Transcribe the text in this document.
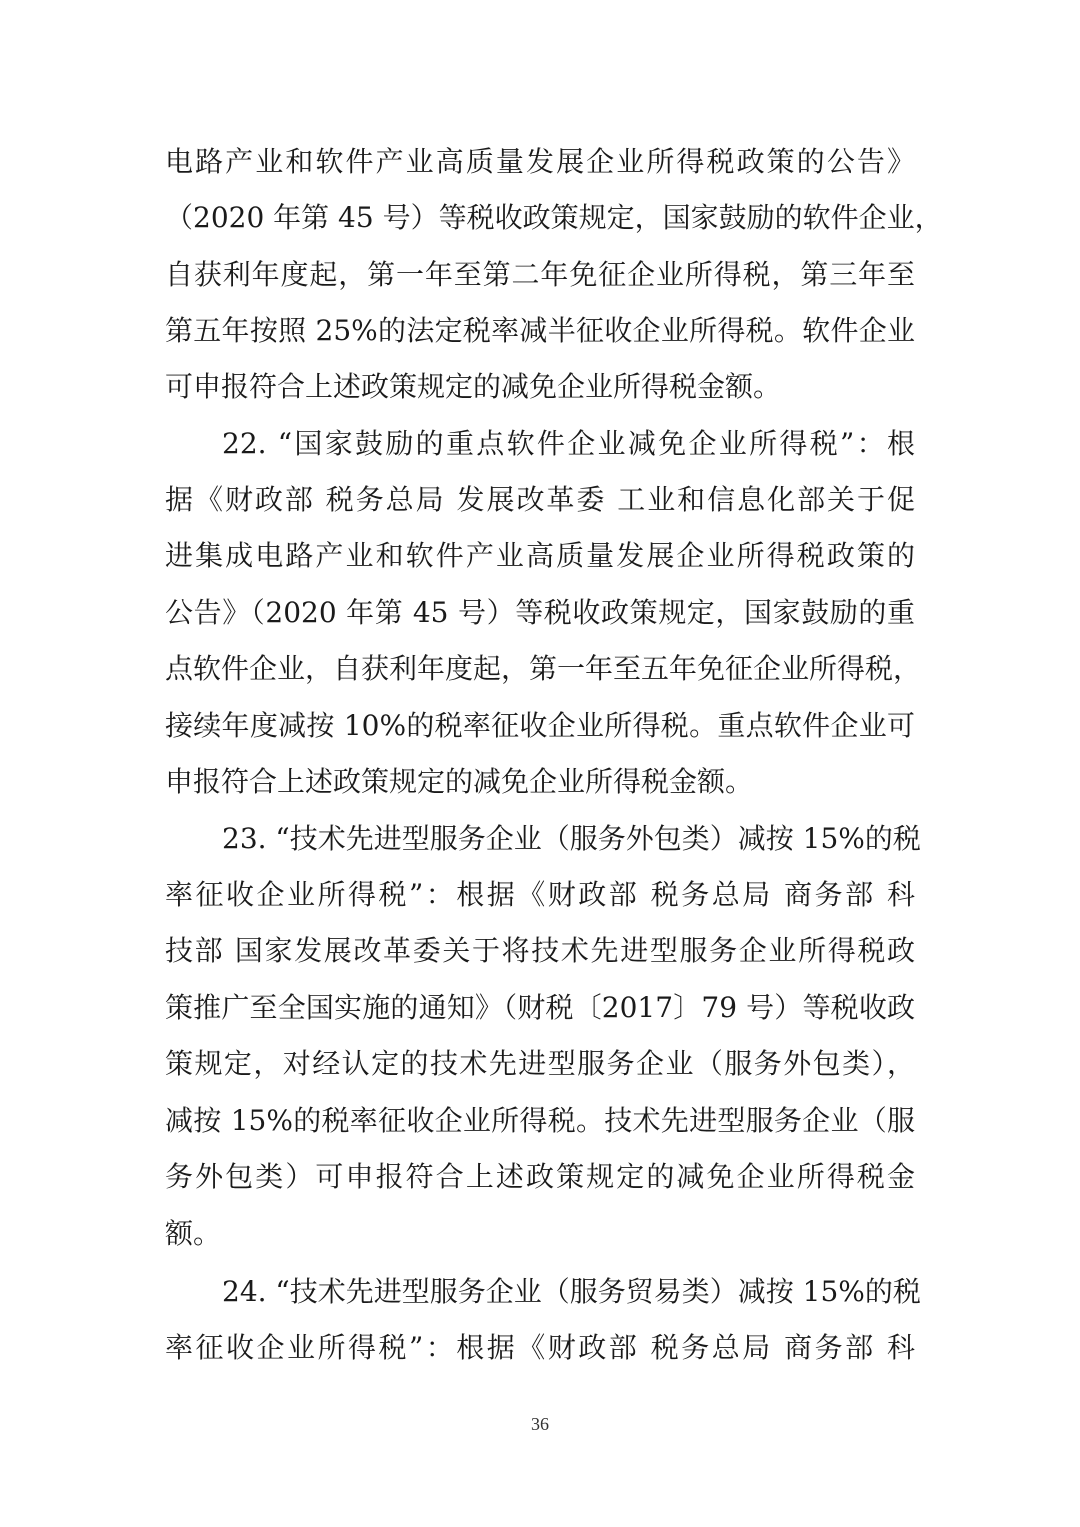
电路产业和软件产业高质量发展企业所得税政策的公告》
（2020 年第 45 号）等税收政策规定，国家鼓励的软件企业，
自获利年度起，第一年至第二年免征企业所得税，第三年至
第五年按照 25%的法定税率减半征收企业所得税。软件企业
可申报符合上述政策规定的减免企业所得税金额。
22. “国家鼓励的重点软件企业减免企业所得税”：根
据《财政部 税务总局 发展改革委 工业和信息化部关于促
进集成电路产业和软件产业高质量发展企业所得税政策的
公告》（2020 年第 45 号）等税收政策规定，国家鼓励的重
点软件企业，自获利年度起，第一年至五年免征企业所得税，
接续年度减按 10%的税率征收企业所得税。重点软件企业可
申报符合上述政策规定的减免企业所得税金额。
23. “技术先进型服务企业（服务外包类）减按 15%的税
率征收企业所得税”：根据《财政部 税务总局 商务部 科
技部 国家发展改革委关于将技术先进型服务企业所得税政
策推广至全国实施的通知》（财税〔2017〕79 号）等税收政
策规定，对经认定的技术先进型服务企业（服务外包类），
减按 15%的税率征收企业所得税。技术先进型服务企业（服
务外包类）可申报符合上述政策规定的减免企业所得税金
额。
24. “技术先进型服务企业（服务贸易类）减按 15%的税
率征收企业所得税”：根据《财政部 税务总局 商务部 科
36
